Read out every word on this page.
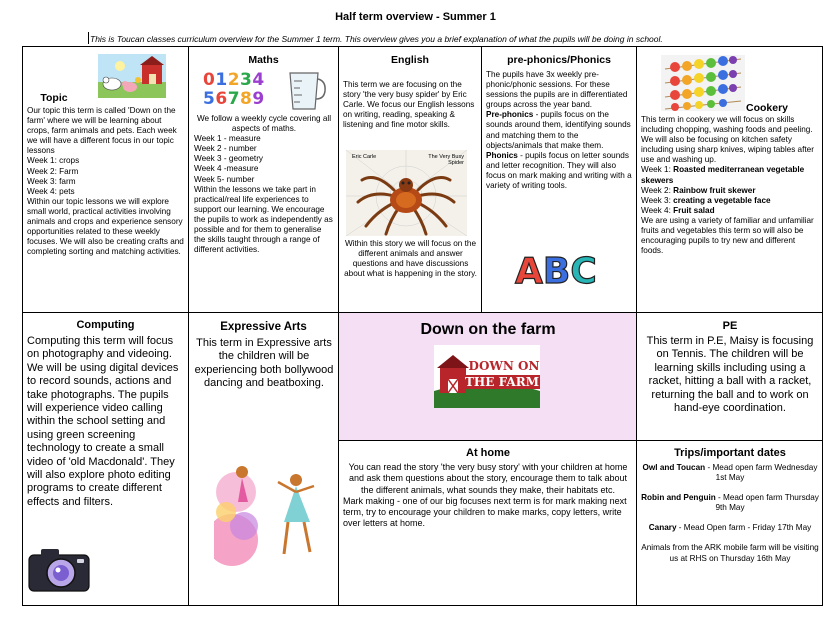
Half term overview - Summer 1
This is Toucan classes curriculum overview for the Summer 1 term. This overview gives you a brief explanation of what the pupils will be doing in school.
Topic

Our topic this term is called 'Down on the farm' where we will be learning about crops, farm animals and pets. Each week we will have a different focus in our topic lessons

Week 1: crops

Week 2: Farm

Week 3: farm

Week 4: pets

Within our topic lessons we will explore small world, practical activities involving animals and crops and experience sensory opportunities related to these weekly focuses. We will also be creating crafts and completing sorting and matching activities.

Maths
01234
56789

We follow a weekly cycle covering all aspects of maths.

Week 1 - measure

Week 2 - number

Week 3 - geometry

Week 4 -measure

Week 5- number

Within the lessons we take part in practical/real life experiences to support our learning. We encourage the pupils to work as independently as possible and for them to generalise the skills taught through a range of different activities.

English
This term we are focusing on the story 'the very busy spider' by Eric Carle. We focus our English lessons on writing, reading, speaking & listening and fine motor skills.
Eric Carle	The Very Busy Spider
Within this story we will focus on the different animals and answer questions and have discussions about what is happening in the story.
pre-phonics/Phonics

The pupils have 3x weekly pre-phonic/phonic sessions. For these sessions the pupils are in differentiated groups across the year band.

Pre-phonics - pupils focus on the sounds around them, identifying sounds and matching them to the objects/animals that make them.

Phonics - pupils focus on letter sounds and letter recognition. They will also focus on mark making and writing with a variety of writing tools.

ABC
Cookery

This term in cookery we will focus on skills including chopping, washing foods and peeling. We will also be focusing on kitchen safety including using sharp knives, wiping tables after use and washing up.

Week 1: Roasted mediterranean vegetable skewers

Week 2: Rainbow fruit skewer

Week 3: creating a vegetable face

Week 4: Fruit salad

We are using a variety of familiar and unfamiliar fruits and vegetables this term so will also be encouraging pupils to try new and different foods.

Computing
Computing this term will focus on photography and videoing. We will be using digital devices to record sounds, actions and take photographs. The pupils will experience video calling within the school setting and using green screening technology to create a small video of 'old Macdonald'. They will also explore photo editing programs to create different effects and filters.
Expressive Arts
This term in Expressive arts the children will be experiencing both bollywood dancing and beatboxing.
Down on the farm
DOWN ON
THE FARM
PE
This term in P.E, Maisy is focusing on Tennis. The children will be learning skills including using a racket, hitting a ball with a racket, returning the ball and to work on hand-eye coordination.
At home

You can read the story 'the very busy story' with your children at home and ask them questions about the story, encourage them to talk about the different animals, what sounds they make, their habitats etc.

Mark making - one of our big focuses next term is for mark making next term, try to encourage your children to make marks, copy letters, write over letters at home.

Trips/important dates

Owl and Toucan - Mead open farm Wednesday 1st May

Robin and Penguin - Mead open farm Thursday 9th May

Canary - Mead Open farm - Friday 17th May

Animals from the ARK mobile farm will be visiting us at RHS on Thursday 16th May
